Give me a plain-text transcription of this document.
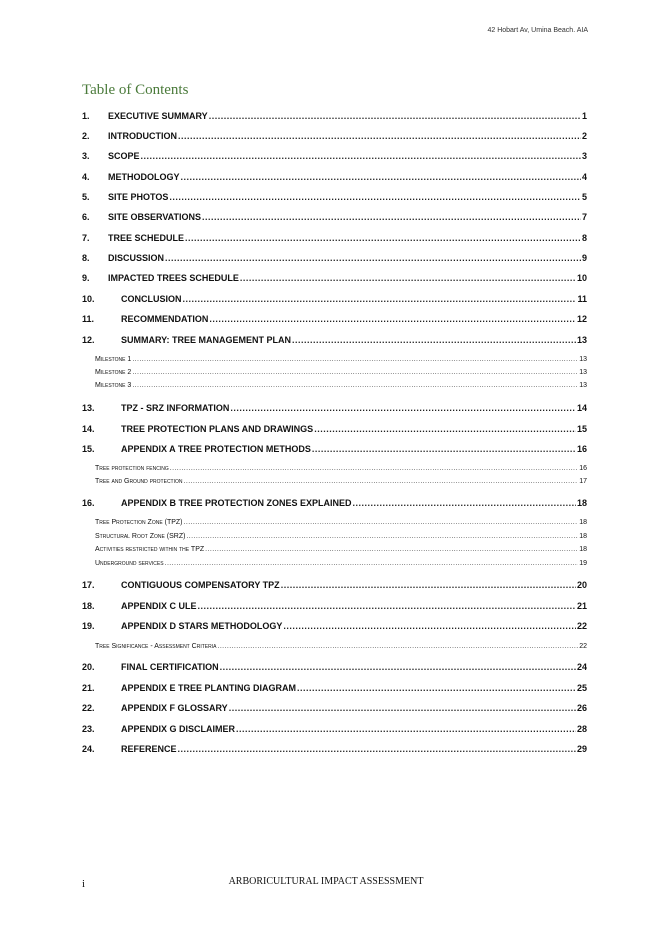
42 Hobart Av, Umina Beach. AIA
Table of Contents
1.	EXECUTIVE SUMMARY .....	1
2.	INTRODUCTION .....	2
3.	SCOPE .....	3
4.	METHODOLOGY .....	4
5.	SITE PHOTOS .....	5
6.	SITE OBSERVATIONS .....	7
7.	TREE SCHEDULE .....	8
8.	DISCUSSION .....	9
9.	IMPACTED TREES SCHEDULE .....	10
10.	CONCLUSION .....	11
11.	RECOMMENDATION .....	12
12.	SUMMARY: TREE MANAGEMENT PLAN .....	13
Milestone 1 .....	13
Milestone 2 .....	13
Milestone 3 .....	13
13.	TPZ - SRZ INFORMATION .....	14
14.	TREE PROTECTION PLANS AND DRAWINGS .....	15
15.	APPENDIX A TREE PROTECTION METHODS .....	16
Tree protection fencing .....	16
Tree and Ground protection .....	17
16.	APPENDIX B TREE PROTECTION ZONES EXPLAINED .....	18
Tree Protection Zone (TPZ) .....	18
Structural Root Zone (SRZ) .....	18
Activities restricted within the TPZ .....	18
Underground services .....	19
17.	CONTIGUOUS COMPENSATORY TPZ .....	20
18.	APPENDIX C ULE .....	21
19.	APPENDIX D STARS METHODOLOGY .....	22
Tree Significance - Assessment Criteria .....	22
20.	FINAL CERTIFICATION .....	24
21.	APPENDIX E TREE PLANTING DIAGRAM .....	25
22.	APPENDIX F GLOSSARY .....	26
23.	APPENDIX G DISCLAIMER .....	28
24.	REFERENCE .....	29
i	ARBORICULTURAL IMPACT ASSESSMENT
